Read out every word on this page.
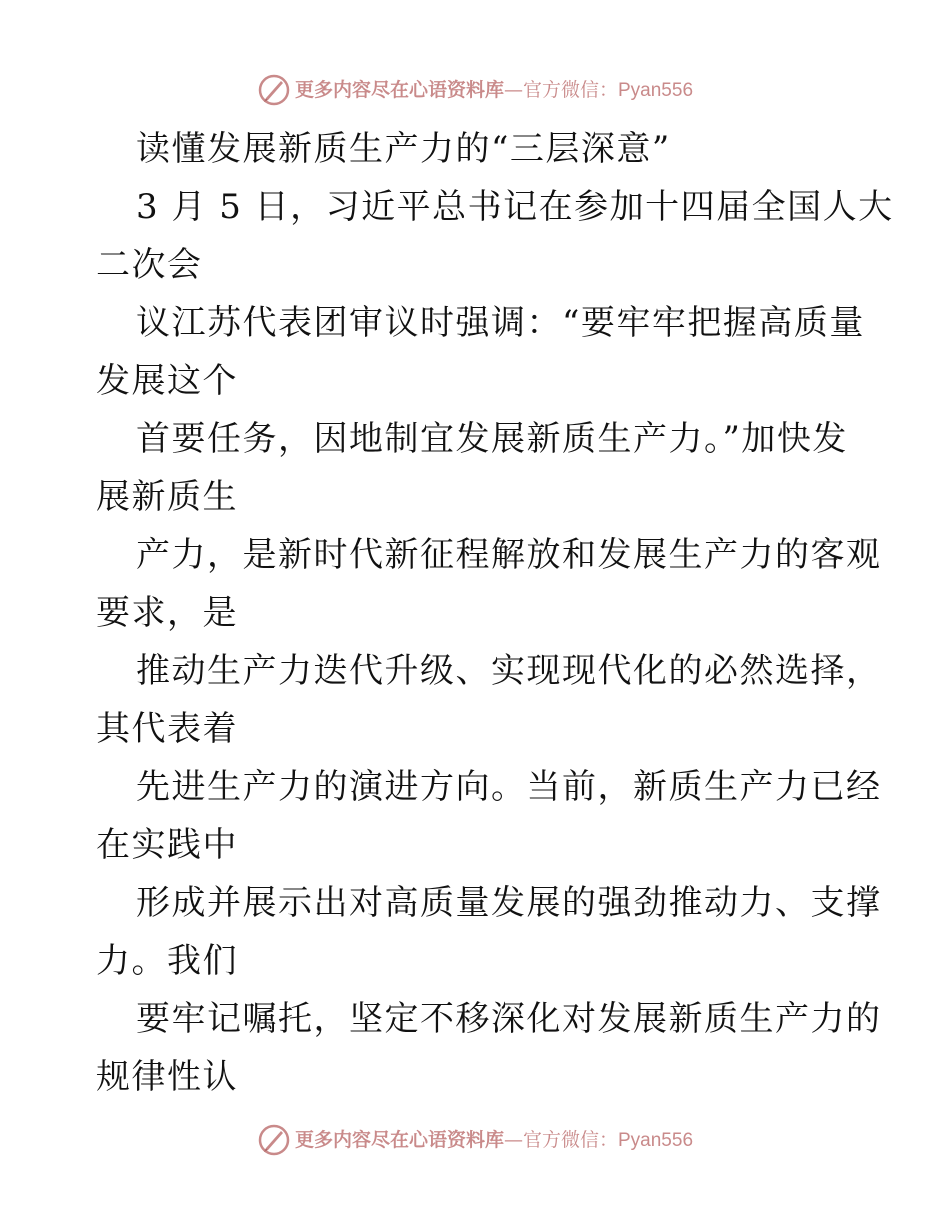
更多内容尽在心语资料库—官方微信：Pyan556
读懂发展新质生产力的“三层深意”
3 月 5 日，习近平总书记在参加十四届全国人大
二次会
议江苏代表团审议时强调：“要牢牢把握高质量
发展这个
首要任务，因地制宜发展新质生产力。”加快发
展新质生
产力，是新时代新征程解放和发展生产力的客观
要求，是
推动生产力迭代升级、实现现代化的必然选择，
其代表着
先进生产力的演进方向。当前，新质生产力已经
在实践中
形成并展示出对高质量发展的强劲推动力、支撑
力。我们
要牢记嘱托，坚定不移深化对发展新质生产力的
规律性认
更多内容尽在心语资料库—官方微信：Pyan556
